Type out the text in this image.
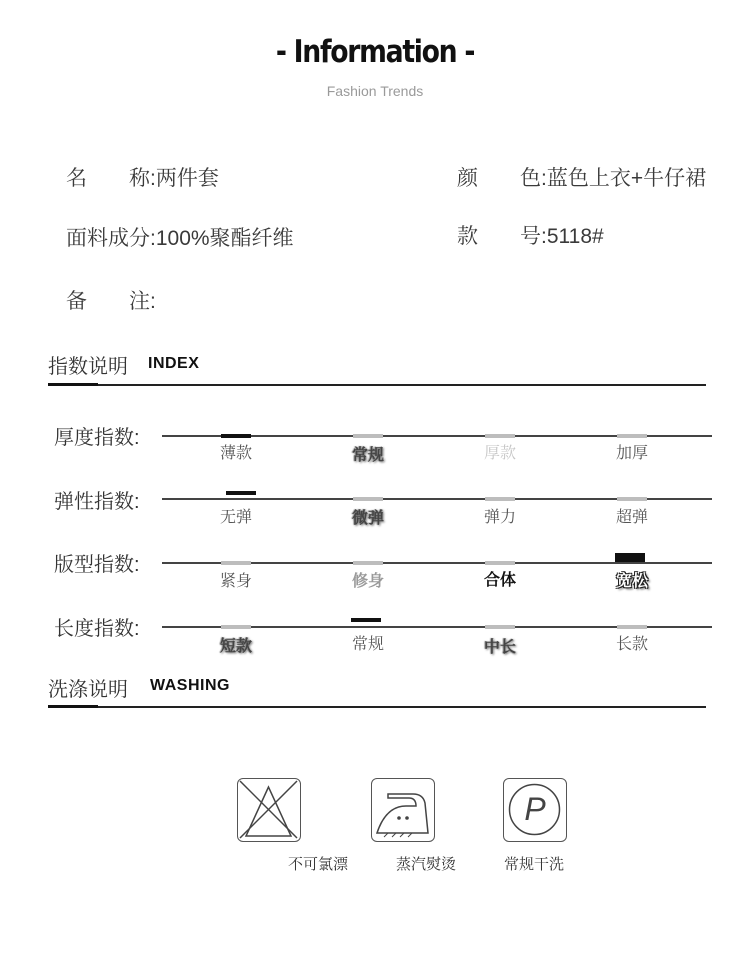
- Information -
Fashion Trends
名　　称:两件套	颜　　色:蓝色上衣+牛仔裙
面料成分:100%聚酯纤维	款　　号:5118#
备　　注:
指数说明 INDEX
厚度指数:
薄款	常规	厚款	加厚
弹性指数:
无弹	微弹	弹力	超弹
版型指数:
紧身	修身	合体	宽松
长度指数:
短款	常规	中长	长款
洗涤说明 WASHING
不可氯漂	蒸汽熨烫
P
常规干洗
